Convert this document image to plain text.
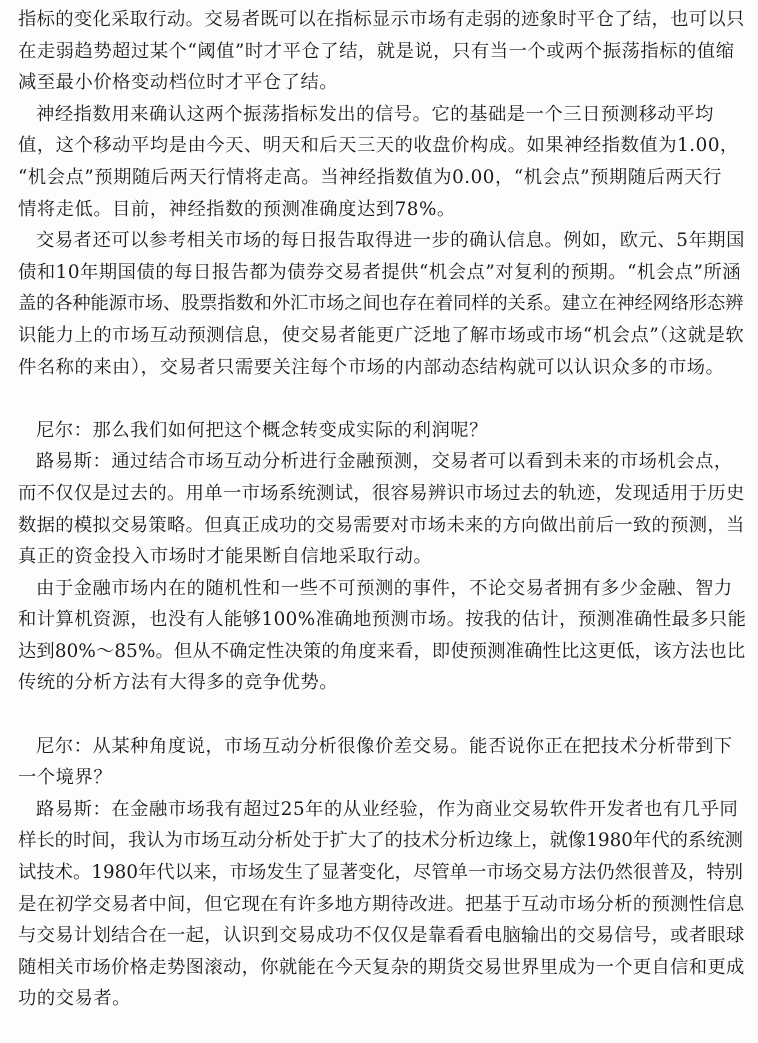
指标的变化采取行动。交易者既可以在指标显示市场有走弱的迹象时平仓了结，也可以只
在走弱趋势超过某个“阈值”时才平仓了结，就是说，只有当一个或两个振荡指标的值缩
减至最小价格变动档位时才平仓了结。
神经指数用来确认这两个振荡指标发出的信号。它的基础是一个三日预测移动平均
值，这个移动平均是由今天、明天和后天三天的收盘价构成。如果神经指数值为1.00，
“机会点”预期随后两天行情将走高。当神经指数值为0.00，“机会点”预期随后两天行
情将走低。目前，神经指数的预测准确度达到78%。
交易者还可以参考相关市场的每日报告取得进一步的确认信息。例如，欧元、5年期国
债和10年期国债的每日报告都为债券交易者提供“机会点”对复利的预期。“机会点”所涵
盖的各种能源市场、股票指数和外汇市场之间也存在着同样的关系。建立在神经网络形态辨
识能力上的市场互动预测信息，使交易者能更广泛地了解市场或市场“机会点”（这就是软
件名称的来由），交易者只需要关注每个市场的内部动态结构就可以认识众多的市场。
尼尔：那么我们如何把这个概念转变成实际的利润呢？
路易斯：通过结合市场互动分析进行金融预测，交易者可以看到未来的市场机会点，
而不仅仅是过去的。用单一市场系统测试，很容易辨识市场过去的轨迹，发现适用于历史
数据的模拟交易策略。但真正成功的交易需要对市场未来的方向做出前后一致的预测，当
真正的资金投入市场时才能果断自信地采取行动。
由于金融市场内在的随机性和一些不可预测的事件，不论交易者拥有多少金融、智力
和计算机资源，也没有人能够100%准确地预测市场。按我的估计，预测准确性最多只能
达到80%～85%。但从不确定性决策的角度来看，即使预测准确性比这更低，该方法也比
传统的分析方法有大得多的竞争优势。
尼尔：从某种角度说，市场互动分析很像价差交易。能否说你正在把技术分析带到下
一个境界？
路易斯：在金融市场我有超过25年的从业经验，作为商业交易软件开发者也有几乎同
样长的时间，我认为市场互动分析处于扩大了的技术分析边缘上，就像1980年代的系统测
试技术。1980年代以来，市场发生了显著变化，尽管单一市场交易方法仍然很普及，特别
是在初学交易者中间，但它现在有许多地方期待改进。把基于互动市场分析的预测性信息
与交易计划结合在一起，认识到交易成功不仅仅是靠看看电脑输出的交易信号，或者眼球
随相关市场价格走势图滚动，你就能在今天复杂的期货交易世界里成为一个更自信和更成
功的交易者。
